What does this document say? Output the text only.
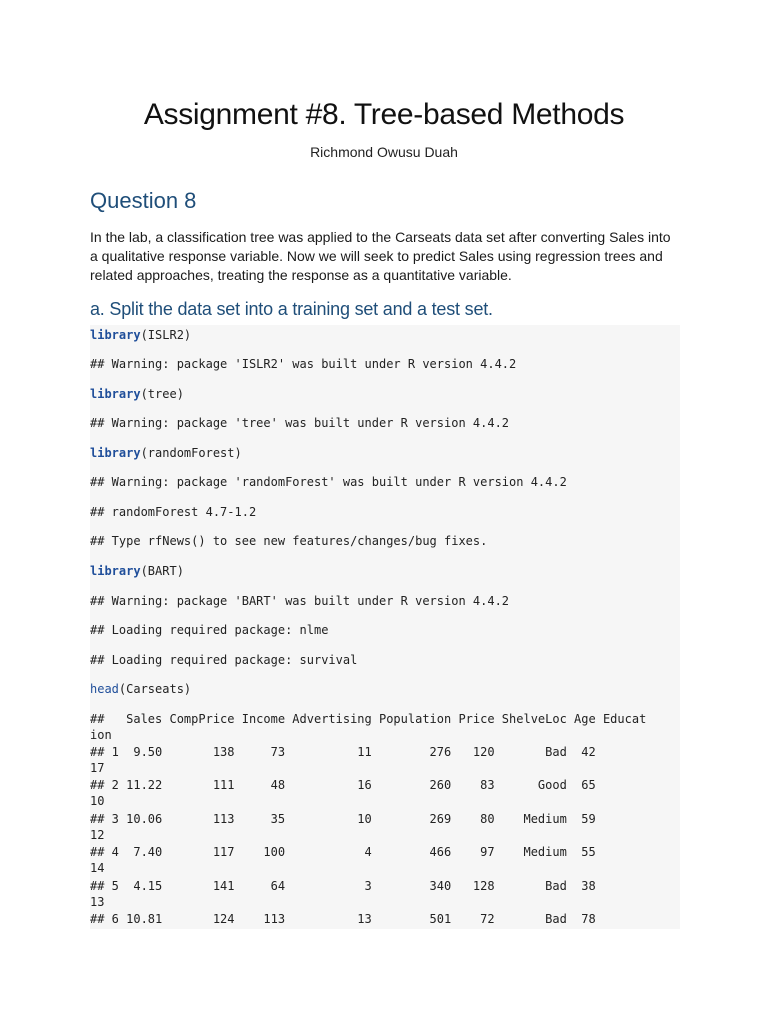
Assignment #8. Tree-based Methods
Richmond Owusu Duah
Question 8
In the lab, a classification tree was applied to the Carseats data set after converting Sales into a qualitative response variable. Now we will seek to predict Sales using regression trees and related approaches, treating the response as a quantitative variable.
a. Split the data set into a training set and a test set.
library(ISLR2)
## Warning: package 'ISLR2' was built under R version 4.4.2
library(tree)
## Warning: package 'tree' was built under R version 4.4.2
library(randomForest)
## Warning: package 'randomForest' was built under R version 4.4.2
## randomForest 4.7-1.2
## Type rfNews() to see new features/changes/bug fixes.
library(BART)
## Warning: package 'BART' was built under R version 4.4.2
## Loading required package: nlme
## Loading required package: survival
head(Carseats)
##   Sales CompPrice Income Advertising Population Price ShelveLoc Age Educat
ion
## 1  9.50       138     73          11        276   120       Bad  42
17
## 2 11.22       111     48          16        260    83      Good  65
10
## 3 10.06       113     35          10        269    80    Medium  59
12
## 4  7.40       117    100           4        466    97    Medium  55
14
## 5  4.15       141     64           3        340   128       Bad  38
13
## 6 10.81       124    113          13        501    72       Bad  78
